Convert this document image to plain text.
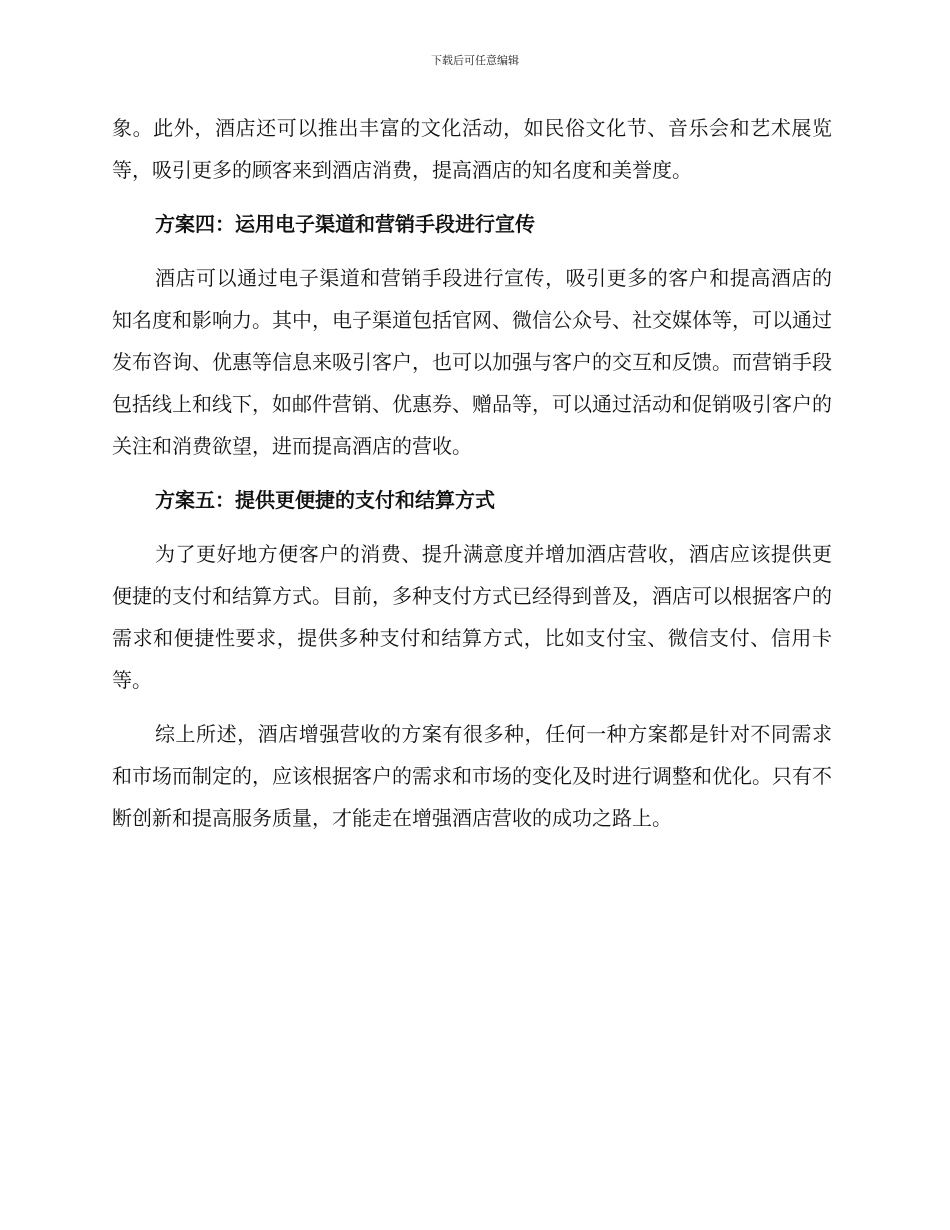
下载后可任意编辑

象。此外，酒店还可以推出丰富的文化活动，如民俗文化节、音乐会和艺术展览等，吸引更多的顾客来到酒店消费，提高酒店的知名度和美誉度。

方案四：运用电子渠道和营销手段进行宣传

酒店可以通过电子渠道和营销手段进行宣传，吸引更多的客户和提高酒店的知名度和影响力。其中，电子渠道包括官网、微信公众号、社交媒体等，可以通过发布咨询、优惠等信息来吸引客户，也可以加强与客户的交互和反馈。而营销手段包括线上和线下，如邮件营销、优惠券、赠品等，可以通过活动和促销吸引客户的关注和消费欲望，进而提高酒店的营收。

方案五：提供更便捷的支付和结算方式

为了更好地方便客户的消费、提升满意度并增加酒店营收，酒店应该提供更便捷的支付和结算方式。目前，多种支付方式已经得到普及，酒店可以根据客户的需求和便捷性要求，提供多种支付和结算方式，比如支付宝、微信支付、信用卡等。

综上所述，酒店增强营收的方案有很多种，任何一种方案都是针对不同需求和市场而制定的，应该根据客户的需求和市场的变化及时进行调整和优化。只有不断创新和提高服务质量，才能走在增强酒店营收的成功之路上。
